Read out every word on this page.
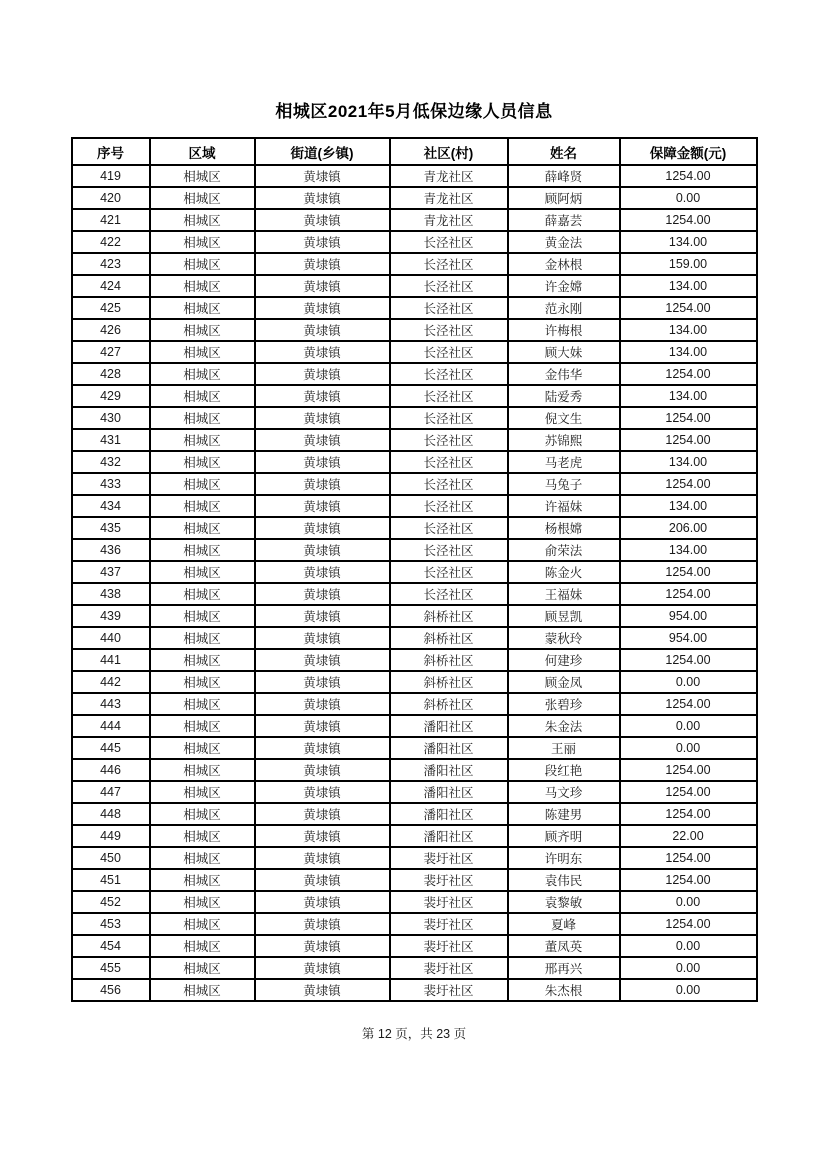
相城区2021年5月低保边缘人员信息
序号	区域	街道(乡镇)	社区(村)	姓名	保障金额(元)
419	相城区	黄埭镇	青龙社区	薛峰贤	1254.00
420	相城区	黄埭镇	青龙社区	顾阿炳	0.00
421	相城区	黄埭镇	青龙社区	薛嘉芸	1254.00
422	相城区	黄埭镇	长泾社区	黄金法	134.00
423	相城区	黄埭镇	长泾社区	金林根	159.00
424	相城区	黄埭镇	长泾社区	许金嫦	134.00
425	相城区	黄埭镇	长泾社区	范永刚	1254.00
426	相城区	黄埭镇	长泾社区	许梅根	134.00
427	相城区	黄埭镇	长泾社区	顾大妹	134.00
428	相城区	黄埭镇	长泾社区	金伟华	1254.00
429	相城区	黄埭镇	长泾社区	陆爱秀	134.00
430	相城区	黄埭镇	长泾社区	倪文生	1254.00
431	相城区	黄埭镇	长泾社区	苏锦熙	1254.00
432	相城区	黄埭镇	长泾社区	马老虎	134.00
433	相城区	黄埭镇	长泾社区	马兔子	1254.00
434	相城区	黄埭镇	长泾社区	许福妹	134.00
435	相城区	黄埭镇	长泾社区	杨根嫦	206.00
436	相城区	黄埭镇	长泾社区	俞荣法	134.00
437	相城区	黄埭镇	长泾社区	陈金火	1254.00
438	相城区	黄埭镇	长泾社区	王福妹	1254.00
439	相城区	黄埭镇	斜桥社区	顾昱凯	954.00
440	相城区	黄埭镇	斜桥社区	蒙秋玲	954.00
441	相城区	黄埭镇	斜桥社区	何建珍	1254.00
442	相城区	黄埭镇	斜桥社区	顾金凤	0.00
443	相城区	黄埭镇	斜桥社区	张碧珍	1254.00
444	相城区	黄埭镇	潘阳社区	朱金法	0.00
445	相城区	黄埭镇	潘阳社区	王丽	0.00
446	相城区	黄埭镇	潘阳社区	段红艳	1254.00
447	相城区	黄埭镇	潘阳社区	马文珍	1254.00
448	相城区	黄埭镇	潘阳社区	陈建男	1254.00
449	相城区	黄埭镇	潘阳社区	顾齐明	22.00
450	相城区	黄埭镇	裴圩社区	许明东	1254.00
451	相城区	黄埭镇	裴圩社区	袁伟民	1254.00
452	相城区	黄埭镇	裴圩社区	袁黎敏	0.00
453	相城区	黄埭镇	裴圩社区	夏峰	1254.00
454	相城区	黄埭镇	裴圩社区	董凤英	0.00
455	相城区	黄埭镇	裴圩社区	邢再兴	0.00
456	相城区	黄埭镇	裴圩社区	朱杰根	0.00
第 12 页，共 23 页
